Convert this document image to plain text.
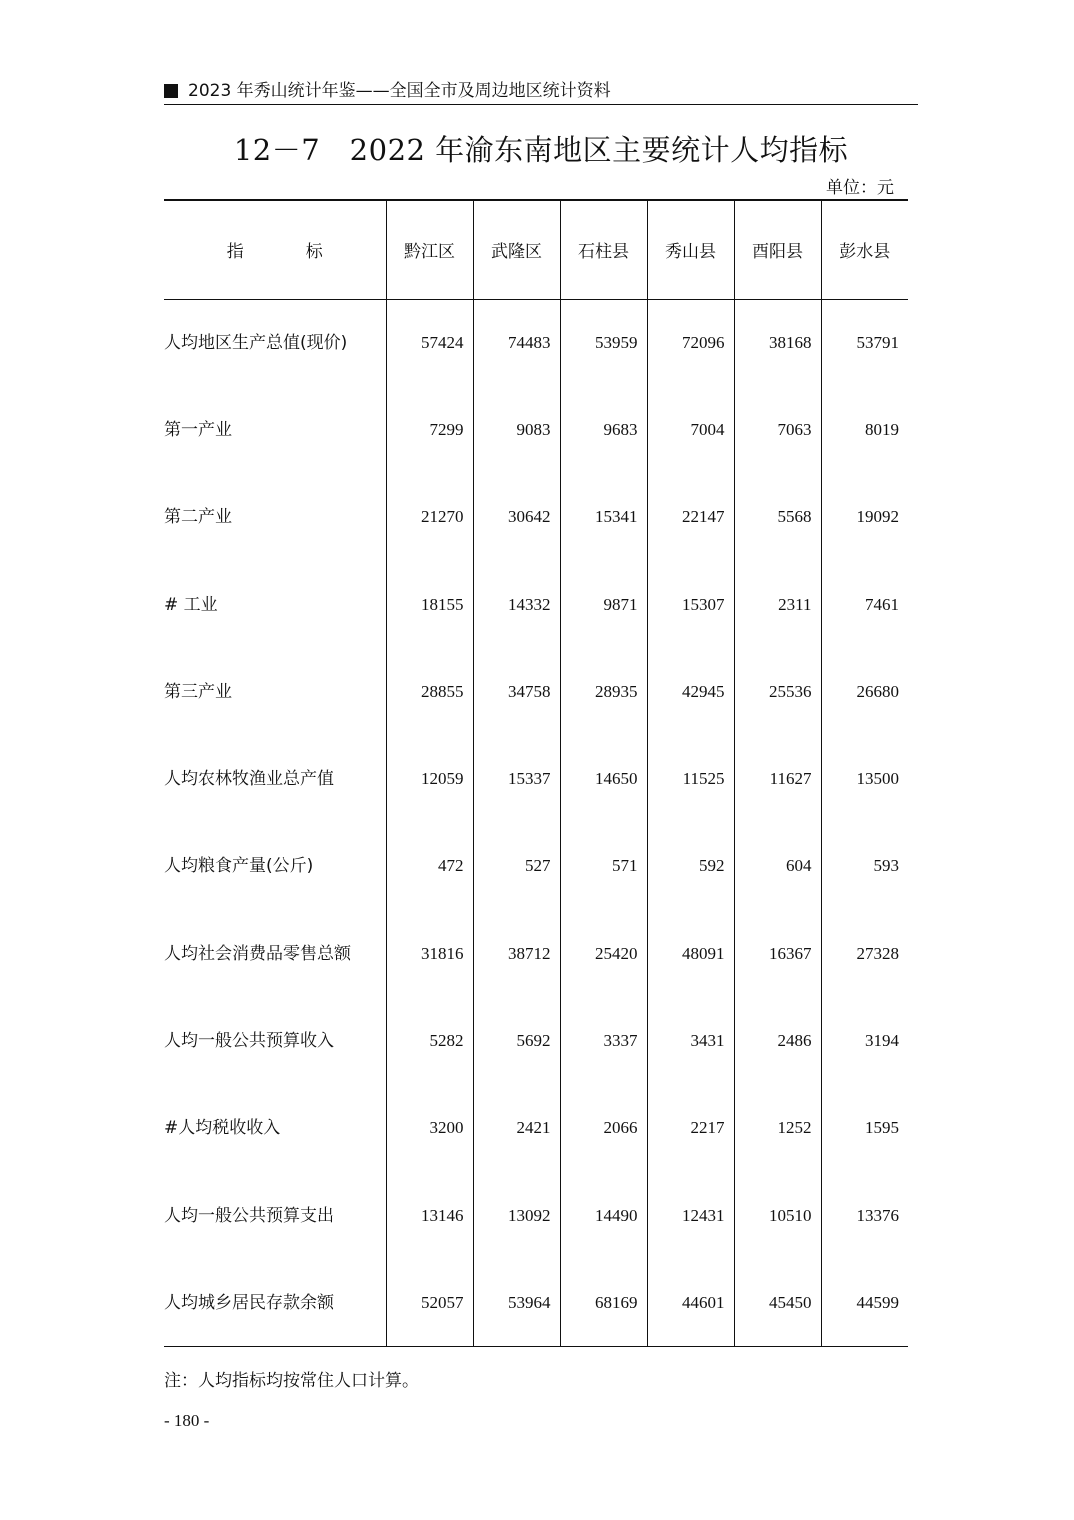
2023 年秀山统计年鉴——全国全市及周边地区统计资料
12－7　2022 年渝东南地区主要统计人均指标
单位：元
指 标	黔江区	武隆区	石柱县	秀山县	酉阳县	彭水县
人均地区生产总值(现价)	57424	74483	53959	72096	38168	53791
第一产业	7299	9083	9683	7004	7063	8019
第二产业	21270	30642	15341	22147	5568	19092
# 工业	18155	14332	9871	15307	2311	7461
第三产业	28855	34758	28935	42945	25536	26680
人均农林牧渔业总产值	12059	15337	14650	11525	11627	13500
人均粮食产量(公斤)	472	527	571	592	604	593
人均社会消费品零售总额	31816	38712	25420	48091	16367	27328
人均一般公共预算收入	5282	5692	3337	3431	2486	3194
#人均税收收入	3200	2421	2066	2217	1252	1595
人均一般公共预算支出	13146	13092	14490	12431	10510	13376
人均城乡居民存款余额	52057	53964	68169	44601	45450	44599
注：人均指标均按常住人口计算。
- 180 -
